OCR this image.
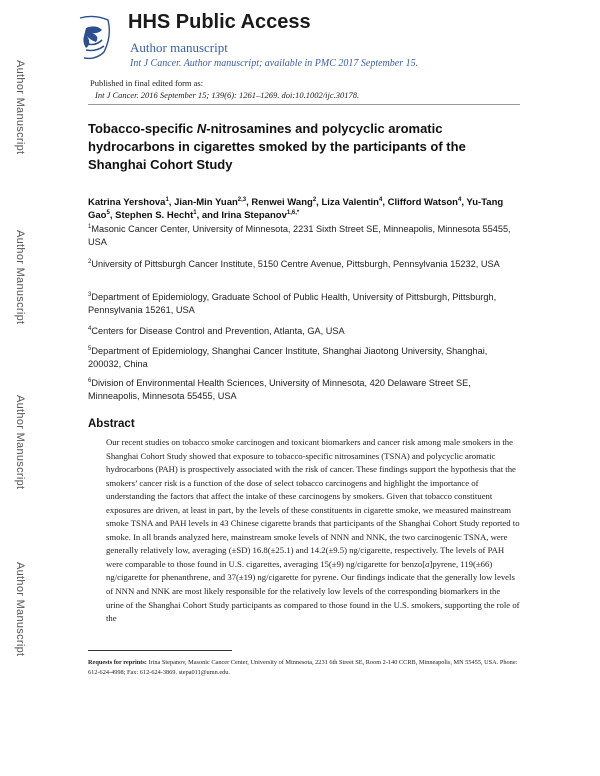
Author Manuscript
Author Manuscript
Author Manuscript
Author Manuscript
HHS Public Access
Author manuscript
Int J Cancer. Author manuscript; available in PMC 2017 September 15.
Published in final edited form as:
Int J Cancer. 2016 September 15; 139(6): 1261–1269. doi:10.1002/ijc.30178.
Tobacco-specific N-nitrosamines and polycyclic aromatic hydrocarbons in cigarettes smoked by the participants of the Shanghai Cohort Study
Katrina Yershova$^1$, Jian-Min Yuan$^{2,3}$, Renwei Wang$^2$, Liza Valentin$^4$, Clifford Watson$^4$, Yu-Tang Gao$^5$, Stephen S. Hecht$^1$, and Irina Stepanov$^{1,6,*}$
$^1$Masonic Cancer Center, University of Minnesota, 2231 Sixth Street SE, Minneapolis, Minnesota 55455, USA
$^2$University of Pittsburgh Cancer Institute, 5150 Centre Avenue, Pittsburgh, Pennsylvania 15232, USA
$^3$Department of Epidemiology, Graduate School of Public Health, University of Pittsburgh, Pittsburgh, Pennsylvania 15261, USA
$^4$Centers for Disease Control and Prevention, Atlanta, GA, USA
$^5$Department of Epidemiology, Shanghai Cancer Institute, Shanghai Jiaotong University, Shanghai, 200032, China
$^6$Division of Environmental Health Sciences, University of Minnesota, 420 Delaware Street SE, Minneapolis, Minnesota 55455, USA
Abstract
Our recent studies on tobacco smoke carcinogen and toxicant biomarkers and cancer risk among male smokers in the Shanghai Cohort Study showed that exposure to tobacco-specific nitrosamines (TSNA) and polycyclic aromatic hydrocarbons (PAH) is prospectively associated with the risk of cancer. These findings support the hypothesis that the smokers’ cancer risk is a function of the dose of select tobacco carcinogens and highlight the importance of understanding the factors that affect the intake of these carcinogens by smokers. Given that tobacco constituent exposures are driven, at least in part, by the levels of these constituents in cigarette smoke, we measured mainstream smoke TSNA and PAH levels in 43 Chinese cigarette brands that participants of the Shanghai Cohort Study reported to smoke. In all brands analyzed here, mainstream smoke levels of NNN and NNK, the two carcinogenic TSNA, were generally relatively low, averaging (±SD) 16.8(±25.1) and 14.2(±9.5) ng/cigarette, respectively. The levels of PAH were comparable to those found in U.S. cigarettes, averaging 15(±9) ng/cigarette for benzo[a]pyrene, 119(±66) ng/cigarette for phenanthrene, and 37(±19) ng/cigarette for pyrene. Our findings indicate that the generally low levels of NNN and NNK are most likely responsible for the relatively low levels of the corresponding biomarkers in the urine of the Shanghai Cohort Study participants as compared to those found in the U.S. smokers, supporting the role of the
Requests for reprints: Irina Stepanov, Masonic Cancer Center, University of Minnesota, 2231 6th Street SE, Room 2-140 CCRB, Minneapolis, MN 55455, USA. Phone: 612-624-4998; Fax: 612-624-3869. stepa011@umn.edu.
